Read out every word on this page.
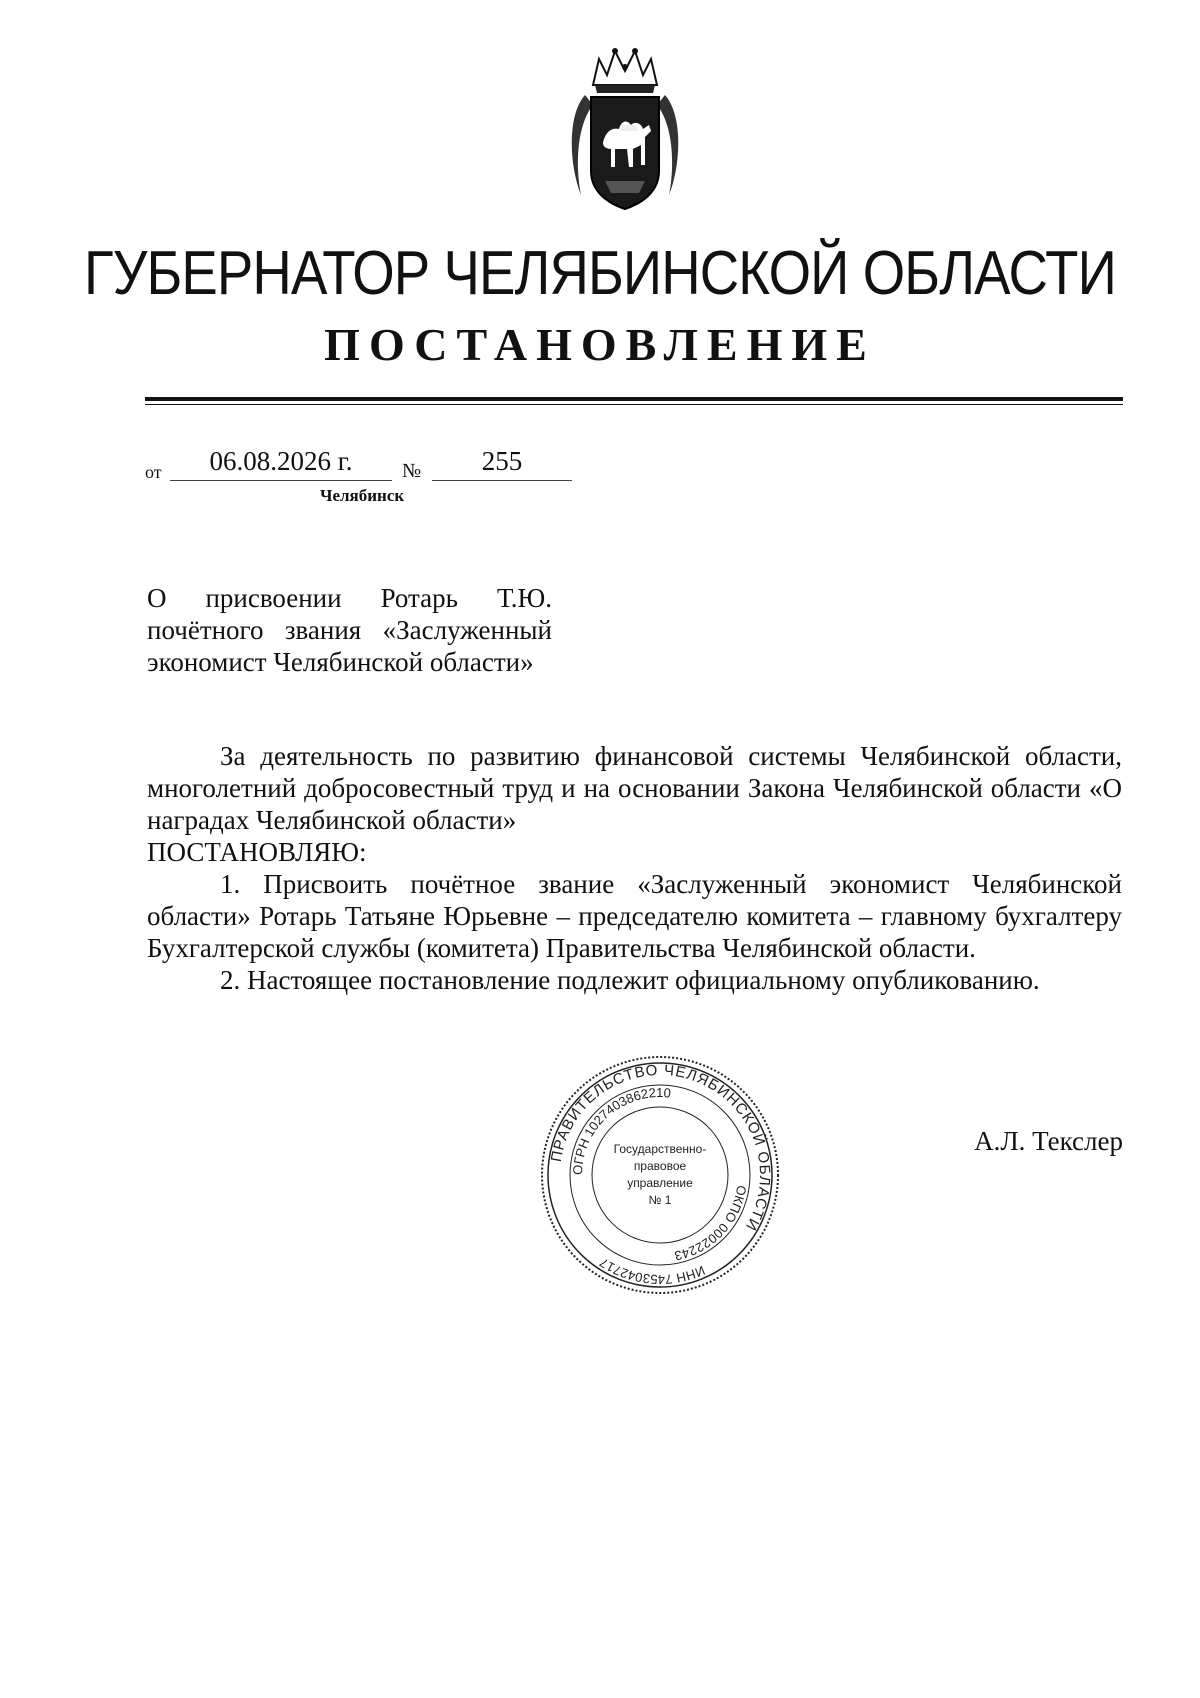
ГУБЕРНАТОР ЧЕЛЯБИНСКОЙ ОБЛАСТИ
ПОСТАНОВЛЕНИЕ
от	06.08.2026 г.	№	255
Челябинск
О присвоении Ротарь Т.Ю. почётного звания «Заслуженный экономист Челябинской области»

За деятельность по развитию финансовой системы Челябинской области, многолетний добросовестный труд и на основании Закона Челябинской области «О наградах Челябинской области»

ПОСТАНОВЛЯЮ:

1. Присвоить почётное звание «Заслуженный экономист Челябинской области» Ротарь Татьяне Юрьевне – председателю комитета – главному бухгалтеру Бухгалтерской службы (комитета) Правительства Челябинской области.

2. Настоящее постановление подлежит официальному опубликованию.

ПРАВИТЕЛЬСТВО ЧЕЛЯБИНСКОЙ ОБЛАСТИ
ОГРН 1027403862210
ОКПО 00022243
ИНН 7453042717
Государственно-
правовое
управление
№ 1
А.Л. Текслер
